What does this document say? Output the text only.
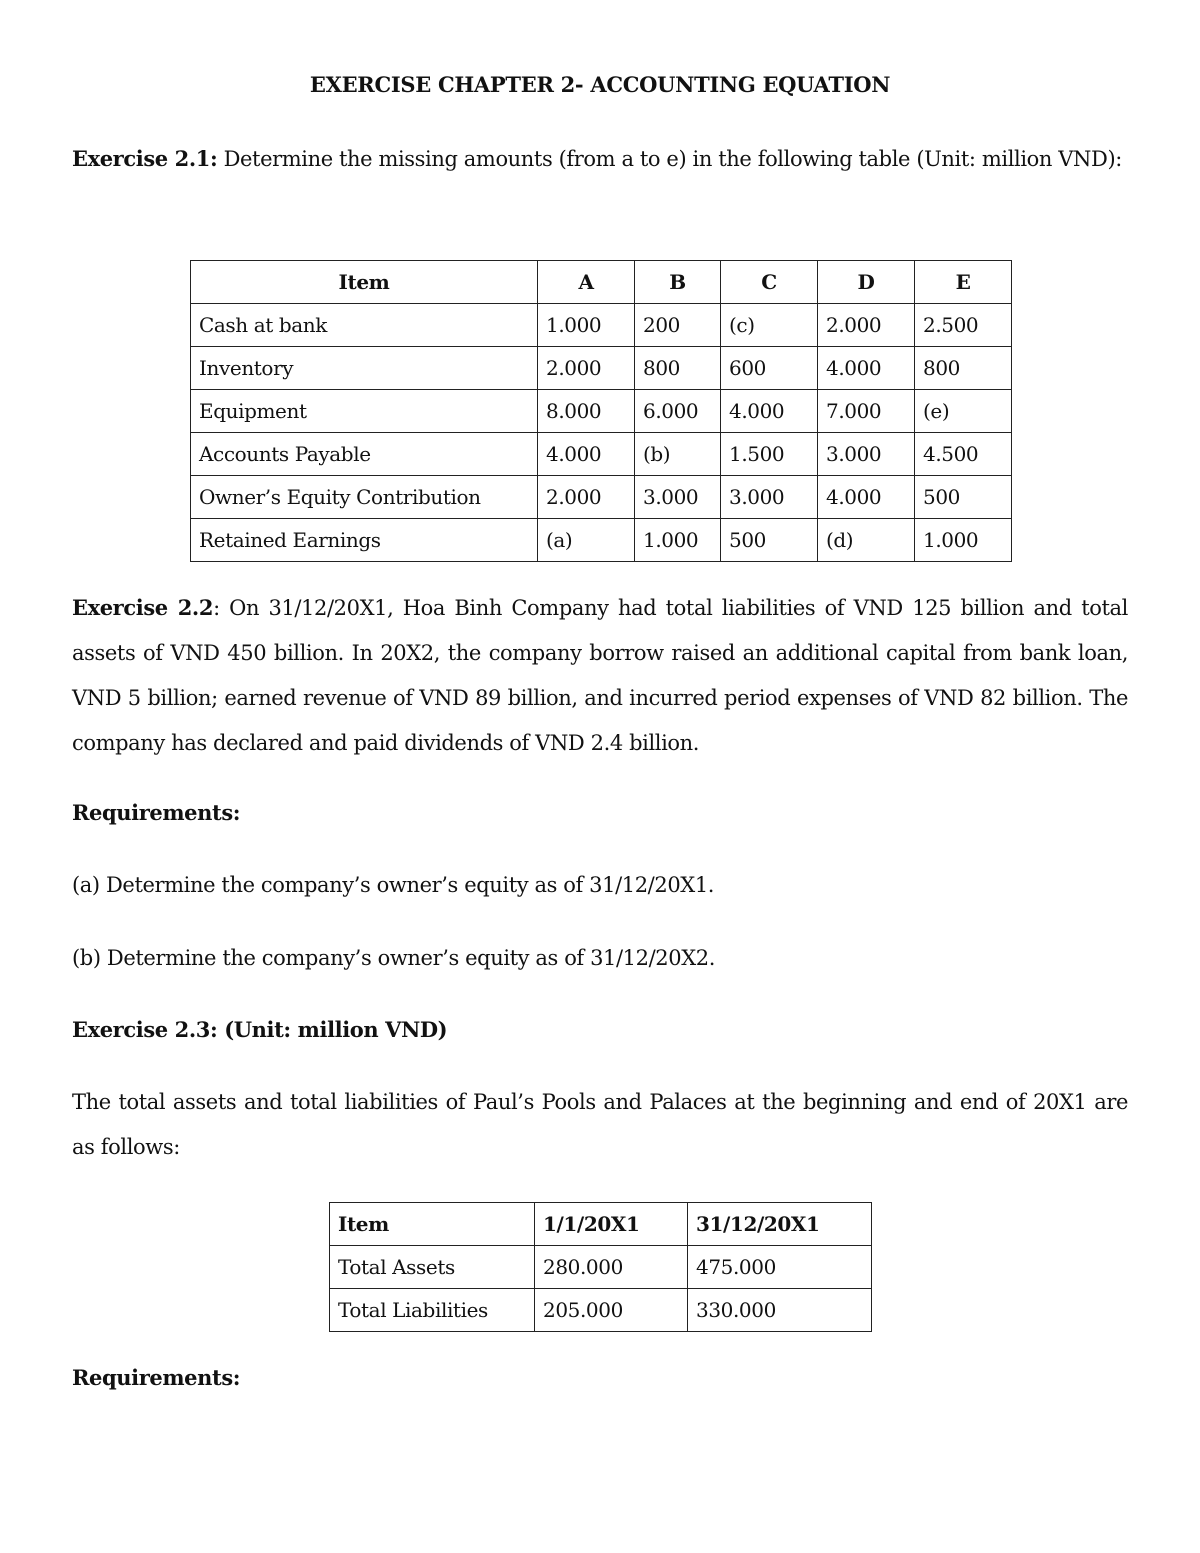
EXERCISE CHAPTER 2- ACCOUNTING EQUATION
Exercise 2.1: Determine the missing amounts (from a to e) in the following table (Unit: million VND):
Item	A	B	C	D	E
Cash at bank	1.000	200	(c)	2.000	2.500
Inventory	2.000	800	600	4.000	800
Equipment	8.000	6.000	4.000	7.000	(e)
Accounts Payable	4.000	(b)	1.500	3.000	4.500
Owner’s Equity Contribution	2.000	3.000	3.000	4.000	500
Retained Earnings	(a)	1.000	500	(d)	1.000
Exercise 2.2: On 31/12/20X1, Hoa Binh Company had total liabilities of VND 125 billion and total assets of VND 450 billion. In 20X2, the company borrow raised an additional capital from bank loan, VND 5 billion; earned revenue of VND 89 billion, and incurred period expenses of VND 82 billion. The company has declared and paid dividends of VND 2.4 billion.
Requirements:
(a) Determine the company’s owner’s equity as of 31/12/20X1.
(b) Determine the company’s owner’s equity as of 31/12/20X2.
Exercise 2.3: (Unit: million VND)
The total assets and total liabilities of Paul’s Pools and Palaces at the beginning and end of 20X1 are as follows:
Item	1/1/20X1	31/12/20X1
Total Assets	280.000	475.000
Total Liabilities	205.000	330.000
Requirements:
